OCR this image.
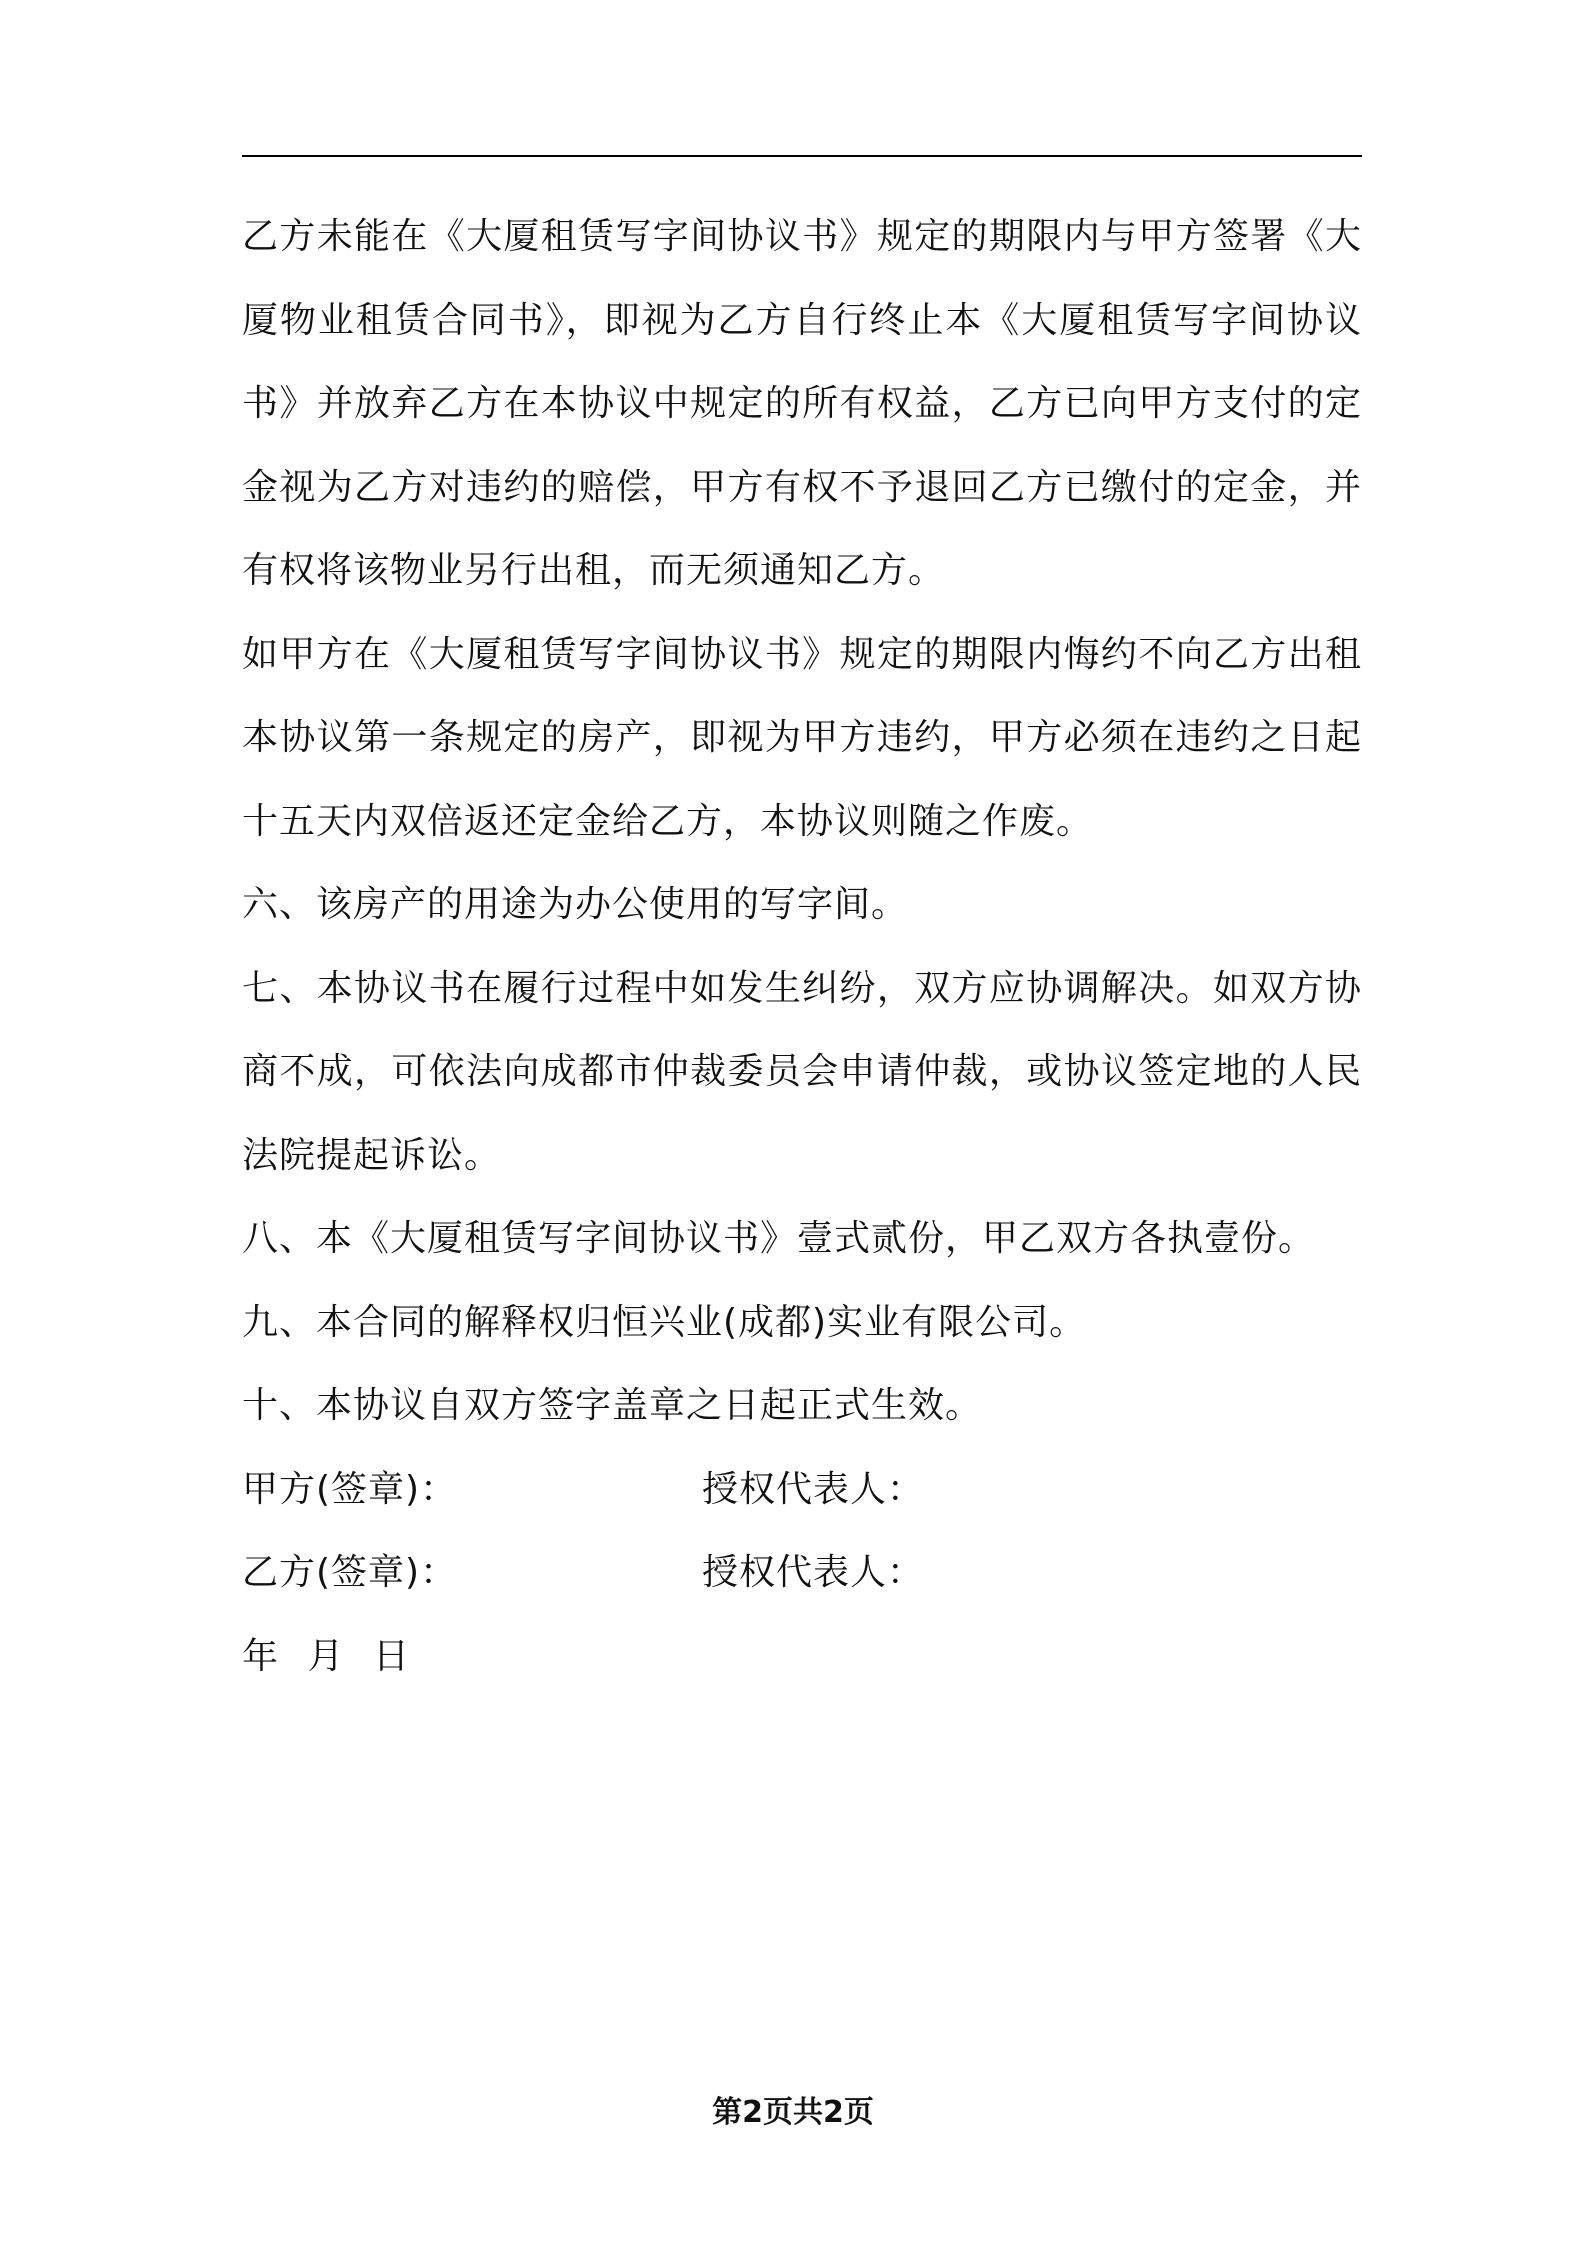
乙方未能在《大厦租赁写字间协议书》规定的期限内与甲方签署《大厦物业租赁合同书》，即视为乙方自行终止本《大厦租赁写字间协议书》并放弃乙方在本协议中规定的所有权益，乙方已向甲方支付的定金视为乙方对违约的赔偿，甲方有权不予退回乙方已缴付的定金，并有权将该物业另行出租，而无须通知乙方。

如甲方在《大厦租赁写字间协议书》规定的期限内悔约不向乙方出租本协议第一条规定的房产，即视为甲方违约，甲方必须在违约之日起十五天内双倍返还定金给乙方，本协议则随之作废。

六、该房产的用途为办公使用的写字间。

七、本协议书在履行过程中如发生纠纷，双方应协调解决。如双方协商不成，可依法向成都市仲裁委员会申请仲裁，或协议签定地的人民法院提起诉讼。

八、本《大厦租赁写字间协议书》壹式贰份，甲乙双方各执壹份。

九、本合同的解释权归恒兴业(成都)实业有限公司。

十、本协议自双方签字盖章之日起正式生效。

甲方(签章)：	授权代表人：
乙方(签章)：	授权代表人：
年 月 日
第2页共2页
